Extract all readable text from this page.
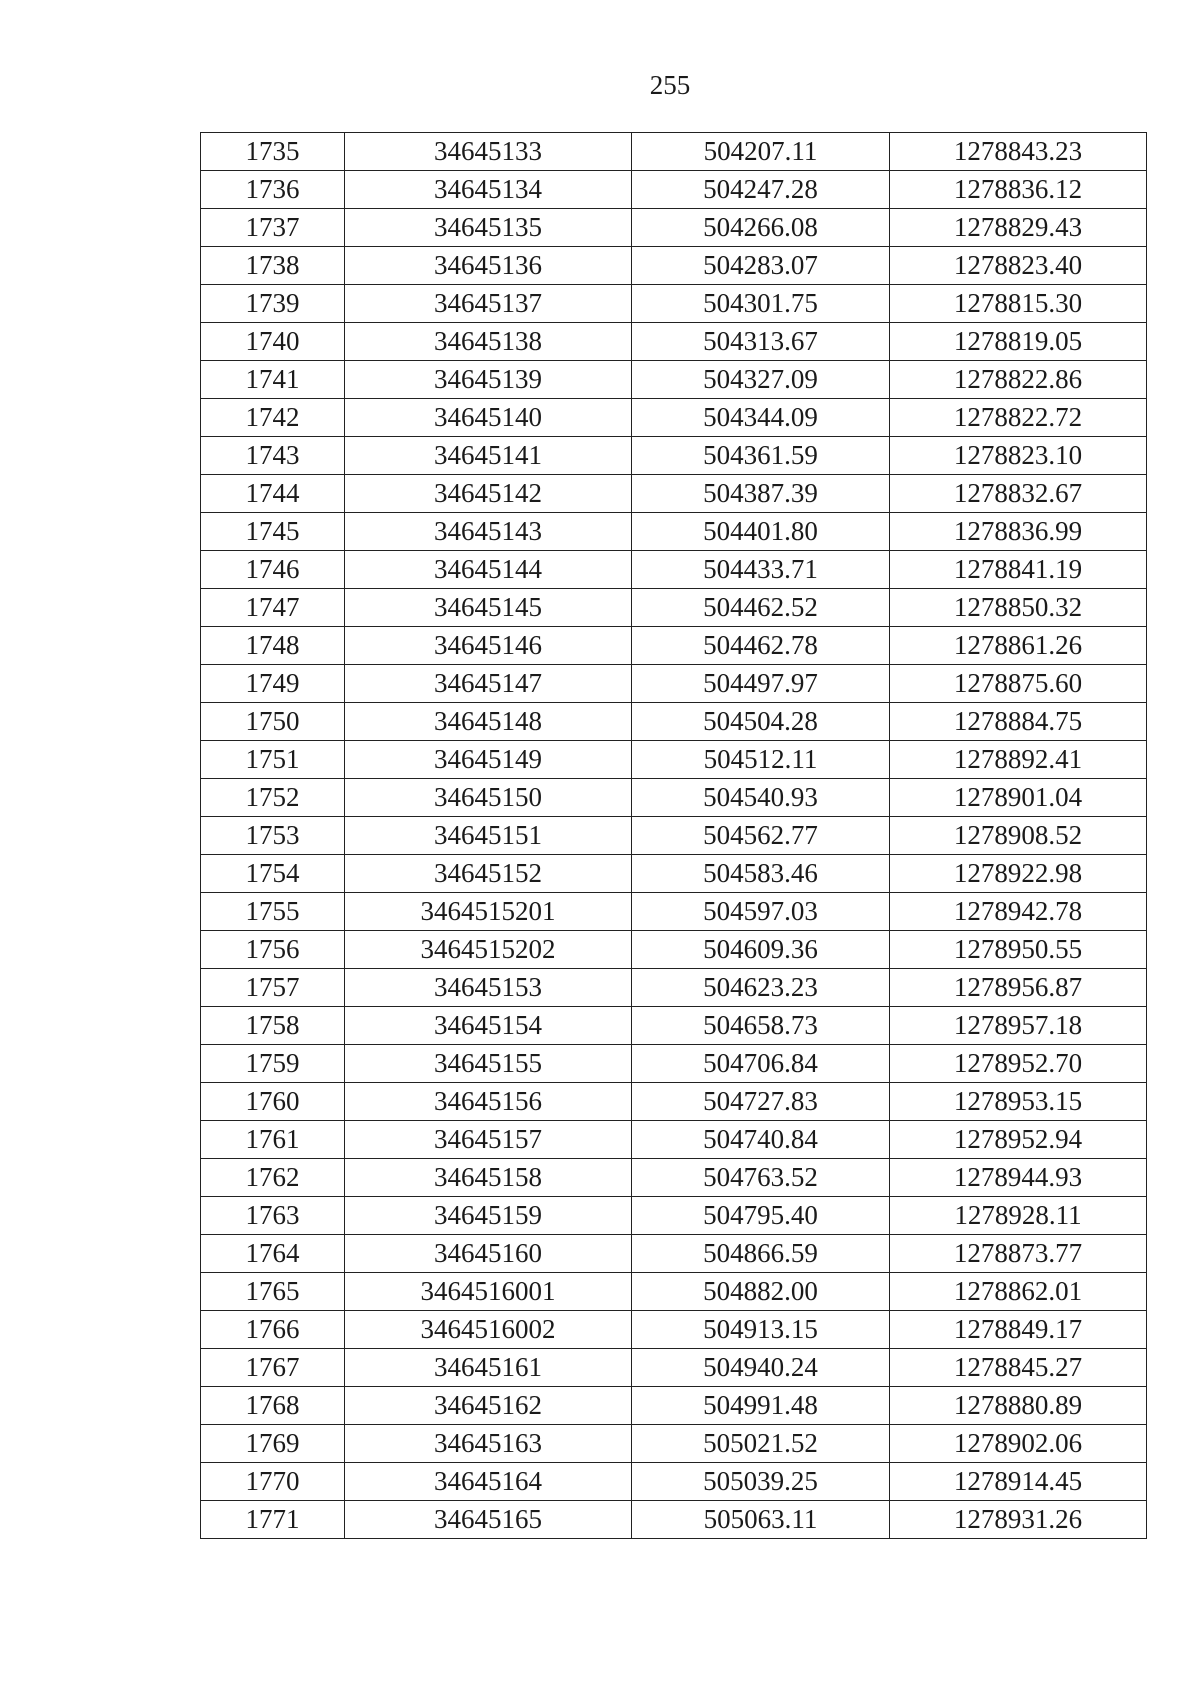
255
1735	34645133	504207.11	1278843.23
1736	34645134	504247.28	1278836.12
1737	34645135	504266.08	1278829.43
1738	34645136	504283.07	1278823.40
1739	34645137	504301.75	1278815.30
1740	34645138	504313.67	1278819.05
1741	34645139	504327.09	1278822.86
1742	34645140	504344.09	1278822.72
1743	34645141	504361.59	1278823.10
1744	34645142	504387.39	1278832.67
1745	34645143	504401.80	1278836.99
1746	34645144	504433.71	1278841.19
1747	34645145	504462.52	1278850.32
1748	34645146	504462.78	1278861.26
1749	34645147	504497.97	1278875.60
1750	34645148	504504.28	1278884.75
1751	34645149	504512.11	1278892.41
1752	34645150	504540.93	1278901.04
1753	34645151	504562.77	1278908.52
1754	34645152	504583.46	1278922.98
1755	3464515201	504597.03	1278942.78
1756	3464515202	504609.36	1278950.55
1757	34645153	504623.23	1278956.87
1758	34645154	504658.73	1278957.18
1759	34645155	504706.84	1278952.70
1760	34645156	504727.83	1278953.15
1761	34645157	504740.84	1278952.94
1762	34645158	504763.52	1278944.93
1763	34645159	504795.40	1278928.11
1764	34645160	504866.59	1278873.77
1765	3464516001	504882.00	1278862.01
1766	3464516002	504913.15	1278849.17
1767	34645161	504940.24	1278845.27
1768	34645162	504991.48	1278880.89
1769	34645163	505021.52	1278902.06
1770	34645164	505039.25	1278914.45
1771	34645165	505063.11	1278931.26
